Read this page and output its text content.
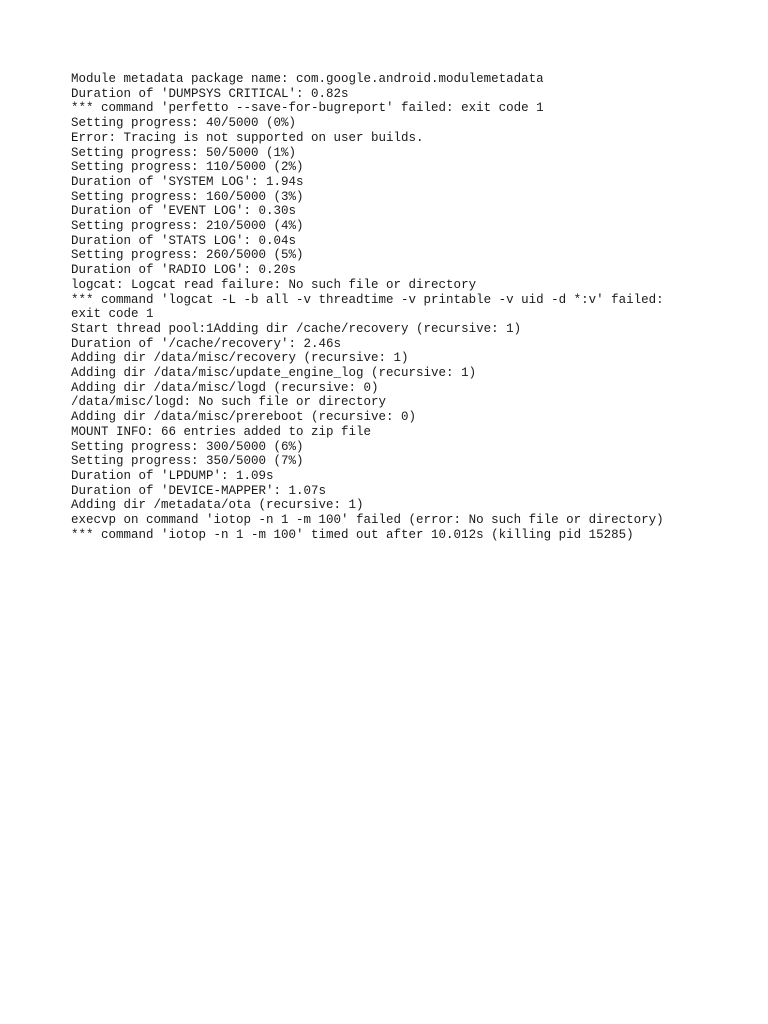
Module metadata package name: com.google.android.modulemetadata
Duration of 'DUMPSYS CRITICAL': 0.82s
*** command 'perfetto --save-for-bugreport' failed: exit code 1
Setting progress: 40/5000 (0%)
Error: Tracing is not supported on user builds.
Setting progress: 50/5000 (1%)
Setting progress: 110/5000 (2%)
Duration of 'SYSTEM LOG': 1.94s
Setting progress: 160/5000 (3%)
Duration of 'EVENT LOG': 0.30s
Setting progress: 210/5000 (4%)
Duration of 'STATS LOG': 0.04s
Setting progress: 260/5000 (5%)
Duration of 'RADIO LOG': 0.20s
logcat: Logcat read failure: No such file or directory
*** command 'logcat -L -b all -v threadtime -v printable -v uid -d *:v' failed:
exit code 1
Start thread pool:1Adding dir /cache/recovery (recursive: 1)
Duration of '/cache/recovery': 2.46s
Adding dir /data/misc/recovery (recursive: 1)
Adding dir /data/misc/update_engine_log (recursive: 1)
Adding dir /data/misc/logd (recursive: 0)
/data/misc/logd: No such file or directory
Adding dir /data/misc/prereboot (recursive: 0)
MOUNT INFO: 66 entries added to zip file
Setting progress: 300/5000 (6%)
Setting progress: 350/5000 (7%)
Duration of 'LPDUMP': 1.09s
Duration of 'DEVICE-MAPPER': 1.07s
Adding dir /metadata/ota (recursive: 1)
execvp on command 'iotop -n 1 -m 100' failed (error: No such file or directory)
*** command 'iotop -n 1 -m 100' timed out after 10.012s (killing pid 15285)
